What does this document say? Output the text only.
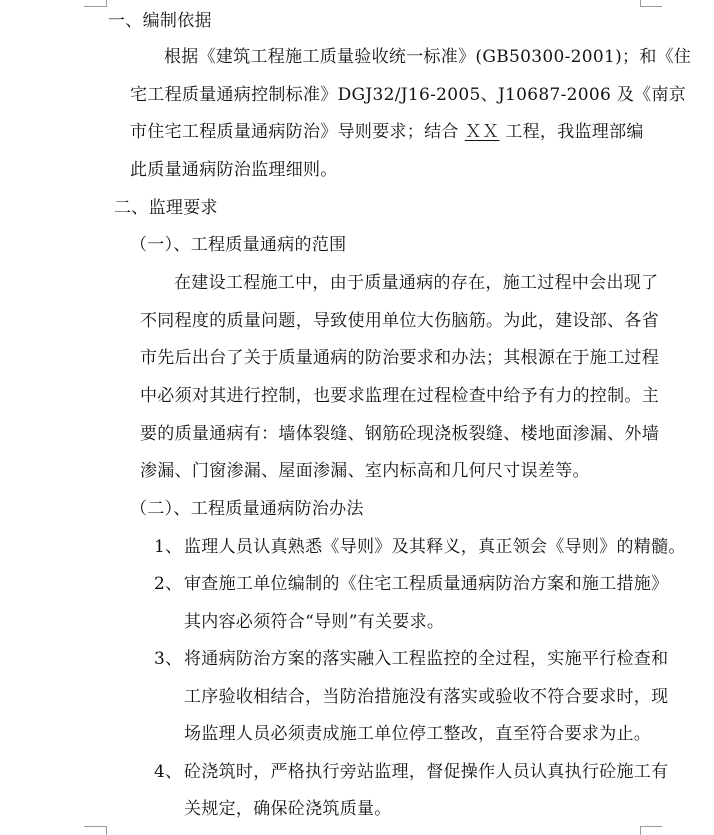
一、编制依据
根据《建筑工程施工质量验收统一标准》(GB50300-2001)；和《住
宅工程质量通病控制标准》DGJ32/J16-2005、J10687-2006 及《南京
市住宅工程质量通病防治》导则要求；结合 ＸＸ 工程，我监理部编
此质量通病防治监理细则。
二、监理要求
（一）、工程质量通病的范围
在建设工程施工中，由于质量通病的存在，施工过程中会出现了
不同程度的质量问题，导致使用单位大伤脑筋。为此，建设部、各省
市先后出台了关于质量通病的防治要求和办法；其根源在于施工过程
中必须对其进行控制，也要求监理在过程检查中给予有力的控制。主
要的质量通病有：墙体裂缝、钢筋砼现浇板裂缝、楼地面渗漏、外墙
渗漏、门窗渗漏、屋面渗漏、室内标高和几何尺寸误差等。
（二）、工程质量通病防治办法
1、 监理人员认真熟悉《导则》及其释义，真正领会《导则》的精髓。
2、 审查施工单位编制的《住宅工程质量通病防治方案和施工措施》
其内容必须符合“导则”有关要求。
3、 将通病防治方案的落实融入工程监控的全过程，实施平行检查和
工序验收相结合，当防治措施没有落实或验收不符合要求时，现
场监理人员必须责成施工单位停工整改，直至符合要求为止。
4、 砼浇筑时，严格执行旁站监理，督促操作人员认真执行砼施工有
关规定，确保砼浇筑质量。
